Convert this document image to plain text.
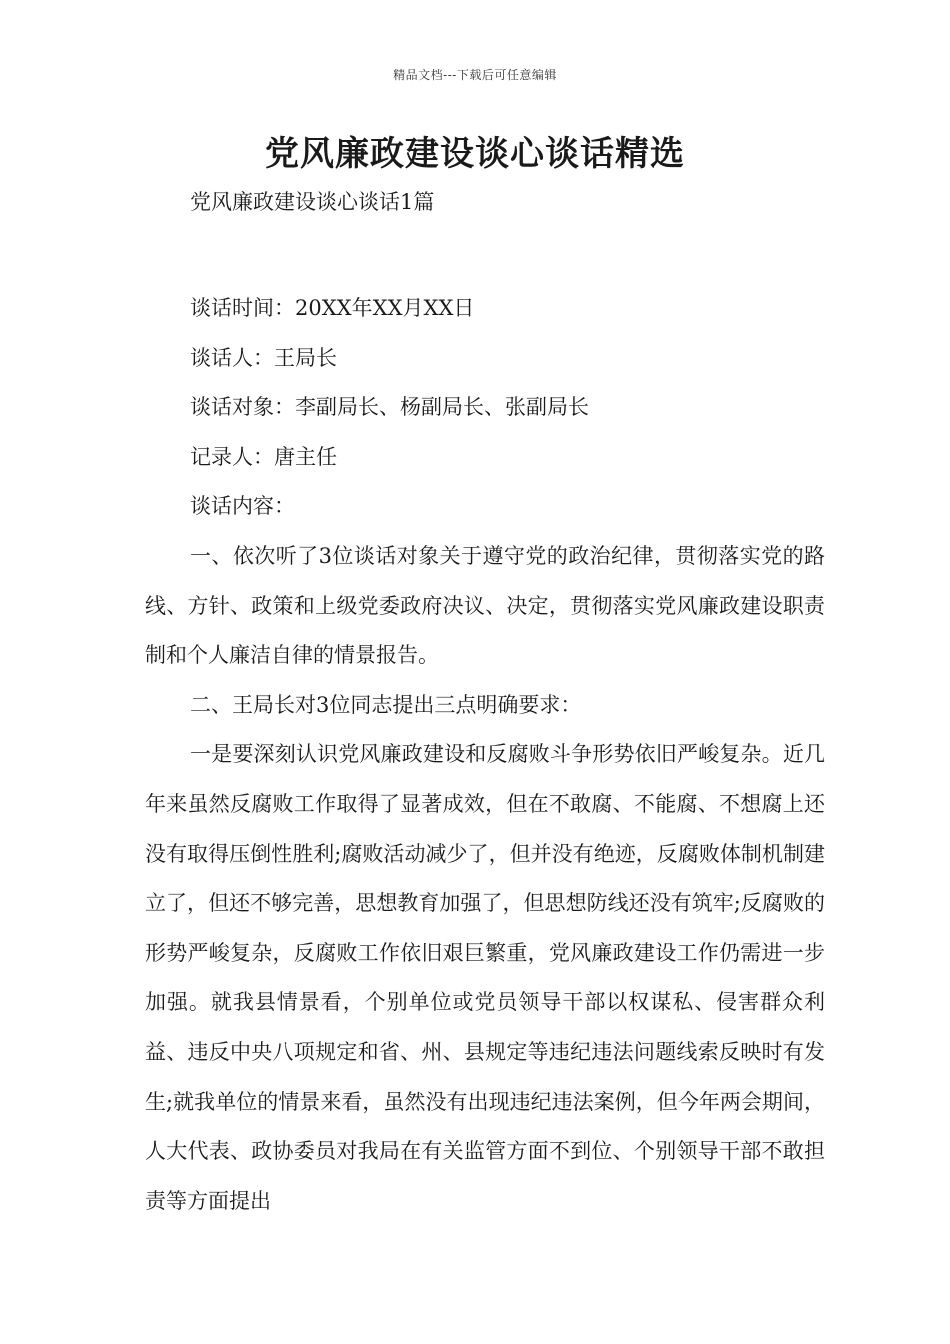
精品文档---下载后可任意编辑
党风廉政建设谈心谈话精选

党风廉政建设谈心谈话1篇

谈话时间：20XX年XX月XX日

谈话人：王局长

谈话对象：李副局长、杨副局长、张副局长

记录人：唐主任

谈话内容：

一、依次听了3位谈话对象关于遵守党的政治纪律，贯彻落实党的路线、方针、政策和上级党委政府决议、决定，贯彻落实党风廉政建设职责制和个人廉洁自律的情景报告。

二、王局长对3位同志提出三点明确要求：

一是要深刻认识党风廉政建设和反腐败斗争形势依旧严峻复杂。近几年来虽然反腐败工作取得了显著成效，但在不敢腐、不能腐、不想腐上还没有取得压倒性胜利;腐败活动减少了，但并没有绝迹，反腐败体制机制建立了，但还不够完善，思想教育加强了，但思想防线还没有筑牢;反腐败的形势严峻复杂，反腐败工作依旧艰巨繁重，党风廉政建设工作仍需进一步加强。就我县情景看，个别单位或党员领导干部以权谋私、侵害群众利益、违反中央八项规定和省、州、县规定等违纪违法问题线索反映时有发生;就我单位的情景来看，虽然没有出现违纪违法案例，但今年两会期间，人大代表、政协委员对我局在有关监管方面不到位、个别领导干部不敢担责等方面提出
